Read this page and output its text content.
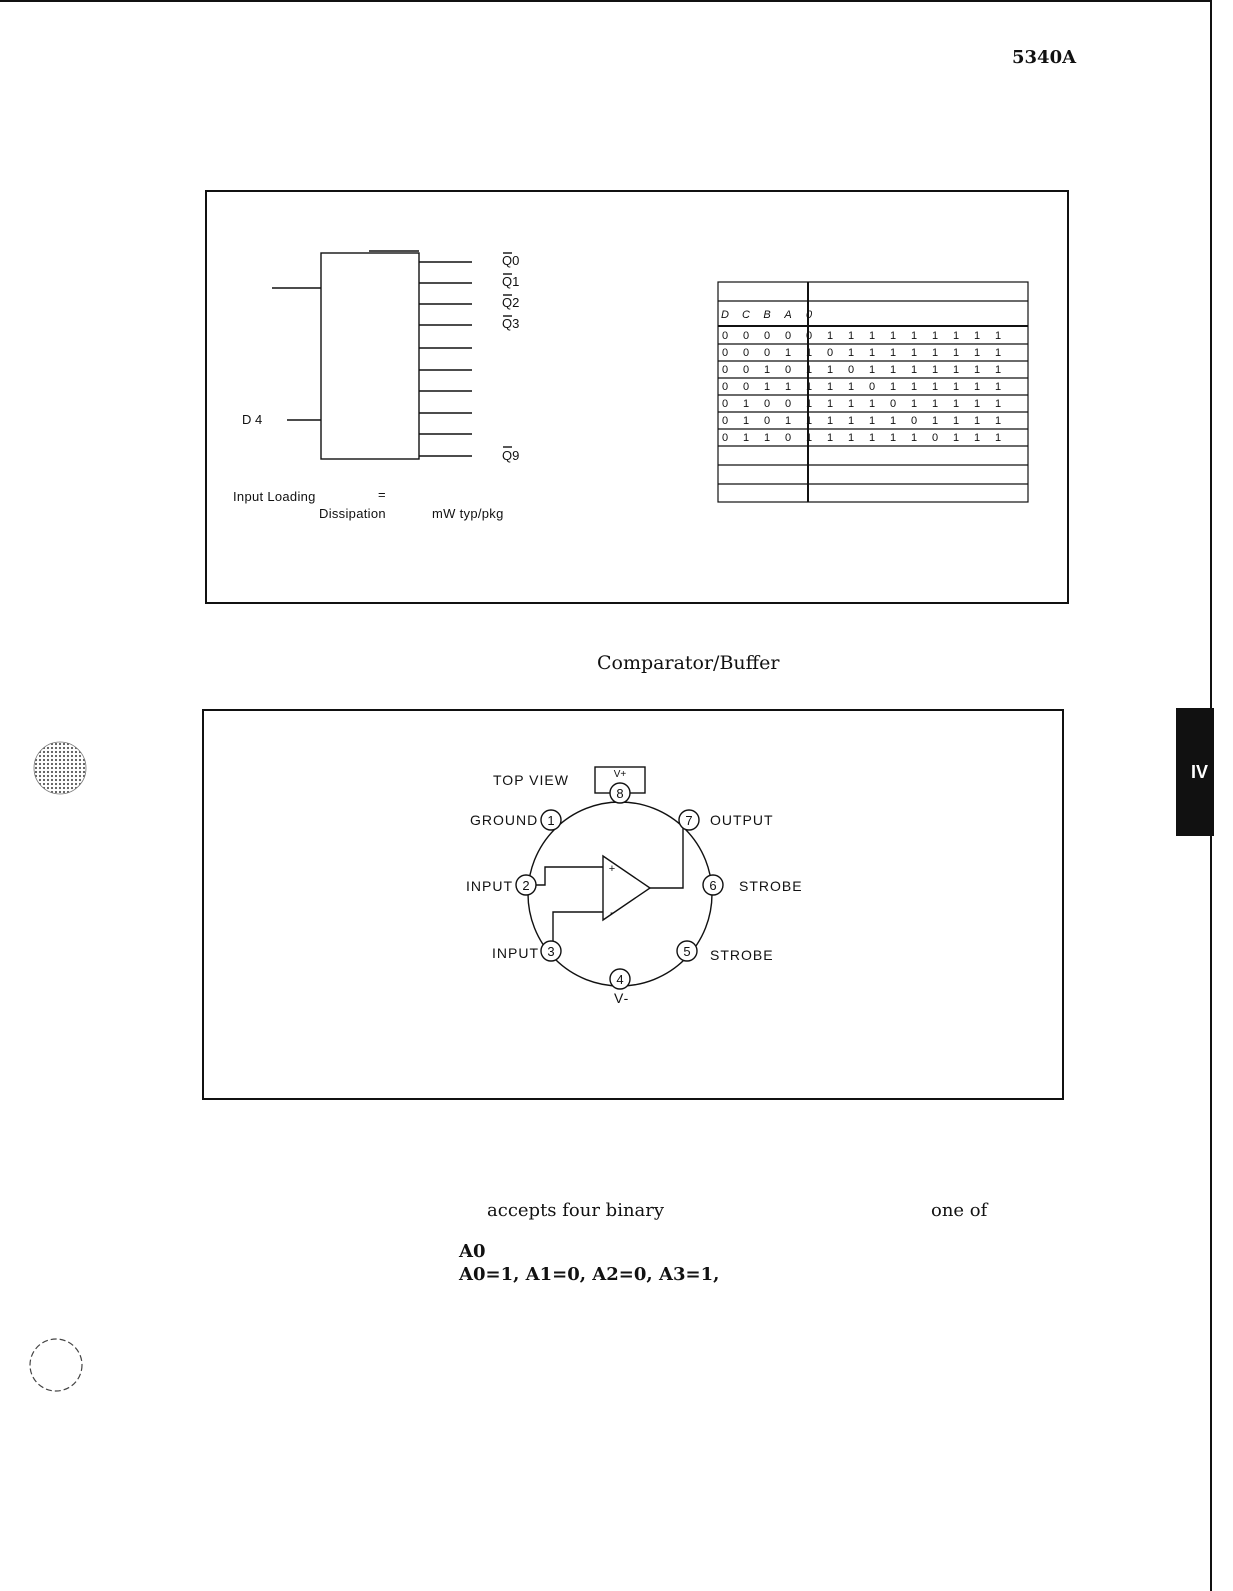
5340A
Q0
Q1
Q2
Q3
Q9
D 4
Input Loading	=
Dissipation	mW typ/pkg
D C	B	A	0
0	0	0	0	0	1	1	1	1	1	1	1	1	1
0	0	0	1	1	0	1	1	1	1	1	1	1	1
0	0	1	0	1	1	0	1	1	1	1	1	1	1
0	0	1	1	1	1	1	0	1	1	1	1	1	1
0	1	0	0	1	1	1	1	0	1	1	1	1	1
0	1	0	1	1	1	1	1	1	0	1	1	1	1
0	1	1	0	1	1	1	1	1	1	0	1	1	1
Comparator/Buffer
8
1	7
2	6
3	5
4
+
-
V+
TOP VIEW
GROUND
INPUT
INPUT
V-
STROBE
STROBE
OUTPUT
IV
accepts four binary	one of
A0
A0=1, A1=0, A2=0, A3=1,
